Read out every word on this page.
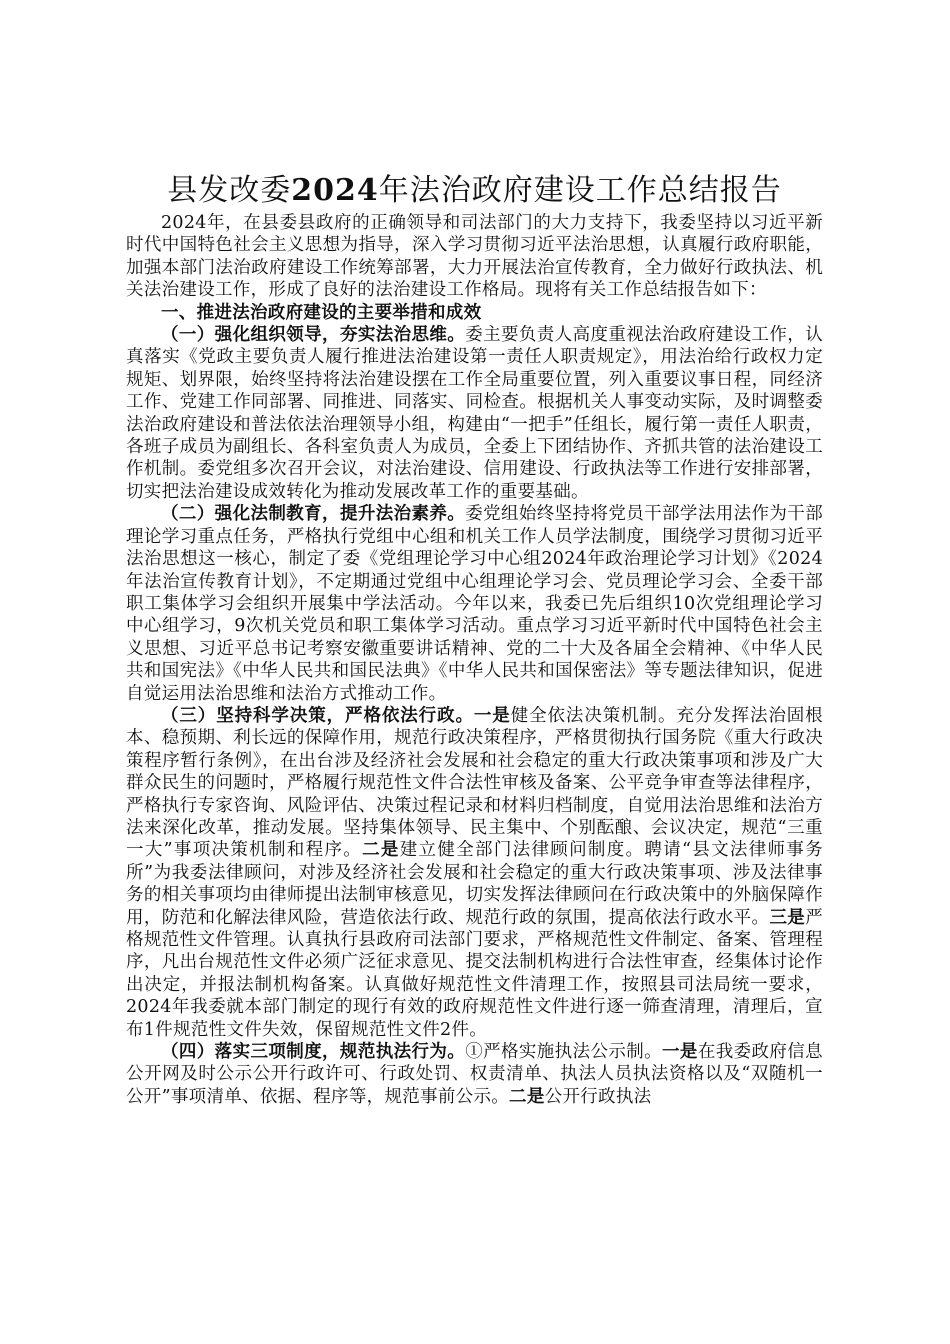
县发改委2024年法治政府建设工作总结报告

2024年，在县委县政府的正确领导和司法部门的大力支持下，我委坚持以习近平新时代中国特色社会主义思想为指导，深入学习贯彻习近平法治思想，认真履行政府职能，加强本部门法治政府建设工作统筹部署，大力开展法治宣传教育，全力做好行政执法、机关法治建设工作，形成了良好的法治建设工作格局。现将有关工作总结报告如下：

一、推进法治政府建设的主要举措和成效

（一）强化组织领导，夯实法治思维。委主要负责人高度重视法治政府建设工作，认真落实《党政主要负责人履行推进法治建设第一责任人职责规定》，用法治给行政权力定规矩、划界限，始终坚持将法治建设摆在工作全局重要位置，列入重要议事日程，同经济工作、党建工作同部署、同推进、同落实、同检查。根据机关人事变动实际，及时调整委法治政府建设和普法依法治理领导小组，构建由“一把手”任组长，履行第一责任人职责，各班子成员为副组长、各科室负责人为成员，全委上下团结协作、齐抓共管的法治建设工作机制。委党组多次召开会议，对法治建设、信用建设、行政执法等工作进行安排部署，切实把法治建设成效转化为推动发展改革工作的重要基础。

（二）强化法制教育，提升法治素养。委党组始终坚持将党员干部学法用法作为干部理论学习重点任务，严格执行党组中心组和机关工作人员学法制度，围绕学习贯彻习近平法治思想这一核心，制定了委《党组理论学习中心组2024年政治理论学习计划》《2024年法治宣传教育计划》，不定期通过党组中心组理论学习会、党员理论学习会、全委干部职工集体学习会组织开展集中学法活动。今年以来，我委已先后组织10次党组理论学习中心组学习，9次机关党员和职工集体学习活动。重点学习习近平新时代中国特色社会主义思想、习近平总书记考察安徽重要讲话精神、党的二十大及各届全会精神、《中华人民共和国宪法》《中华人民共和国民法典》《中华人民共和国保密法》等专题法律知识，促进自觉运用法治思维和法治方式推动工作。

（三）坚持科学决策，严格依法行政。一是健全依法决策机制。充分发挥法治固根本、稳预期、利长远的保障作用，规范行政决策程序，严格贯彻执行国务院《重大行政决策程序暂行条例》，在出台涉及经济社会发展和社会稳定的重大行政决策事项和涉及广大群众民生的问题时，严格履行规范性文件合法性审核及备案、公平竞争审查等法律程序，严格执行专家咨询、风险评估、决策过程记录和材料归档制度，自觉用法治思维和法治方法来深化改革，推动发展。坚持集体领导、民主集中、个别酝酿、会议决定，规范“三重一大”事项决策机制和程序。二是建立健全部门法律顾问制度。聘请“县文法律师事务所”为我委法律顾问，对涉及经济社会发展和社会稳定的重大行政决策事项、涉及法律事务的相关事项均由律师提出法制审核意见，切实发挥法律顾问在行政决策中的外脑保障作用，防范和化解法律风险，营造依法行政、规范行政的氛围，提高依法行政水平。三是严格规范性文件管理。认真执行县政府司法部门要求，严格规范性文件制定、备案、管理程序，凡出台规范性文件必须广泛征求意见、提交法制机构进行合法性审查，经集体讨论作出决定，并报法制机构备案。认真做好规范性文件清理工作，按照县司法局统一要求，2024年我委就本部门制定的现行有效的政府规范性文件进行逐一筛查清理，清理后，宣布1件规范性文件失效，保留规范性文件2件。

（四）落实三项制度，规范执法行为。①严格实施执法公示制。一是在我委政府信息公开网及时公示公开行政许可、行政处罚、权责清单、执法人员执法资格以及“双随机一公开”事项清单、依据、程序等，规范事前公示。二是公开行政执法
